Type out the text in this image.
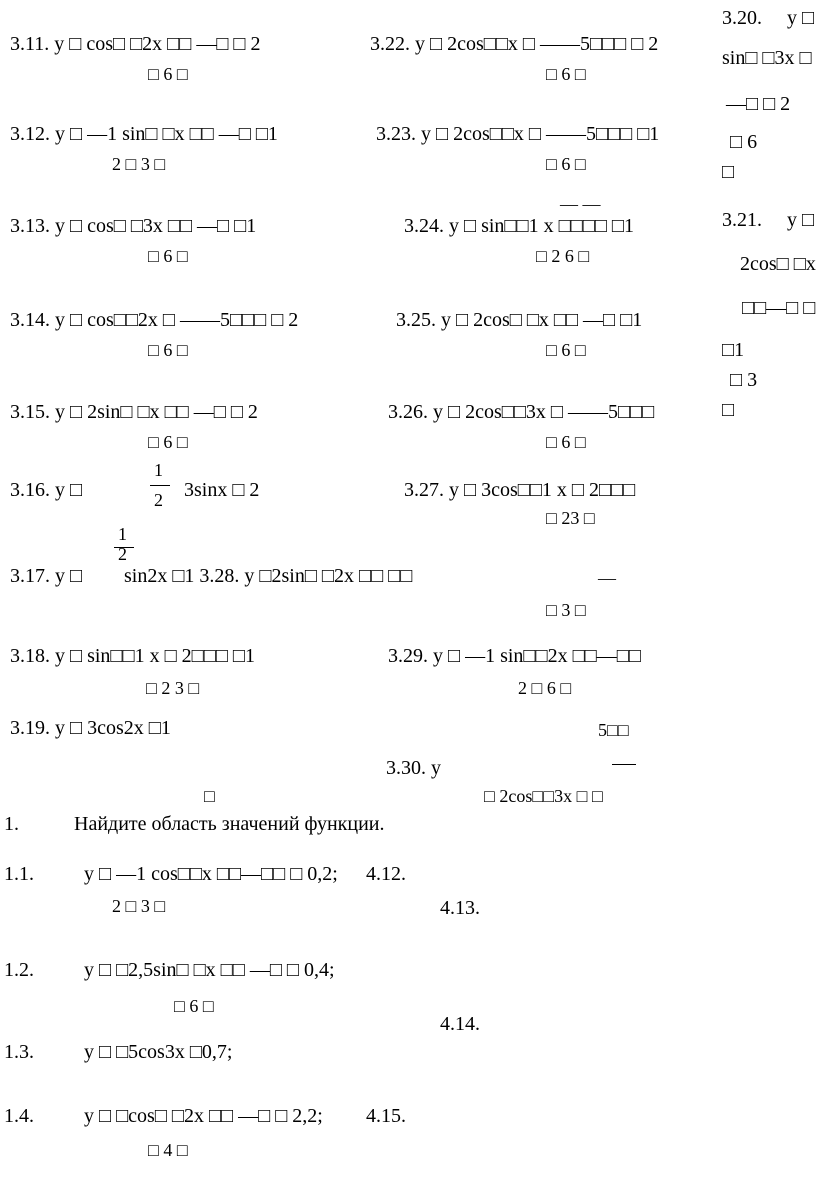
3.20. y □
sin□ □3x □
—□ □ 2
□ 6
□
3.21. y □
2cos□ □x
□□—□ □
□1
□ 3
□
3.11. y □ cos□ □2x □□ —□ □ 2
□ 6 □
3.22. y □ 2cos□□x □ ——5□□□ □ 2
□ 6 □
3.12. y □ —1 sin□ □x □□ —□ □1
2 □ 3 □
3.23. y □ 2cos□□x □ ——5□□□ □1
□ 6 □
3.13. y □ cos□ □3x □□ —□ □1
□ 6 □
— —
3.24. y □ sin□□1 x □□□□ □1
□ 2 6 □
3.14. y □ cos□□2x □ ——5□□□ □ 2
□ 6 □
3.25. y □ 2cos□ □x □□ —□ □1
□ 6 □
3.15. y □ 2sin□ □x □□ —□ □ 2
□ 6 □
3.26. y □ 2cos□□3x □ ——5□□□
□ 6 □
3.16. y □
1
2 3sinx □ 2	3.27. y □ 3cos□□1 x □ 2□□□
□ 23 □
1
2
3.17. y □ sin2x □1 3.28. y □2sin□ □2x □□ □□	—
□ 3 □
3.18. y □ sin□□1 x □ 2□□□ □1
□ 2 3 □
3.29. y □ —1 sin□□2x □□—□□
2 □ 6 □
3.19. y □ 3cos2x □1	5□□
3.30. y
□	□ 2cos□□3x □ □
1.	Найдите область значений функции.
1.1.	y □ —1 cos□□x □□—□□ □ 0,2;
2 □ 3 □
1.2.	y □ □2,5sin□ □x □□ —□ □ 0,4;
□ 6 □
1.3.	y □ □5cos3x □0,7;
1.4.	y □ □cos□ □2x □□ —□ □ 2,2;
□ 4 □
4.12.
4.13.
4.14.
4.15.
